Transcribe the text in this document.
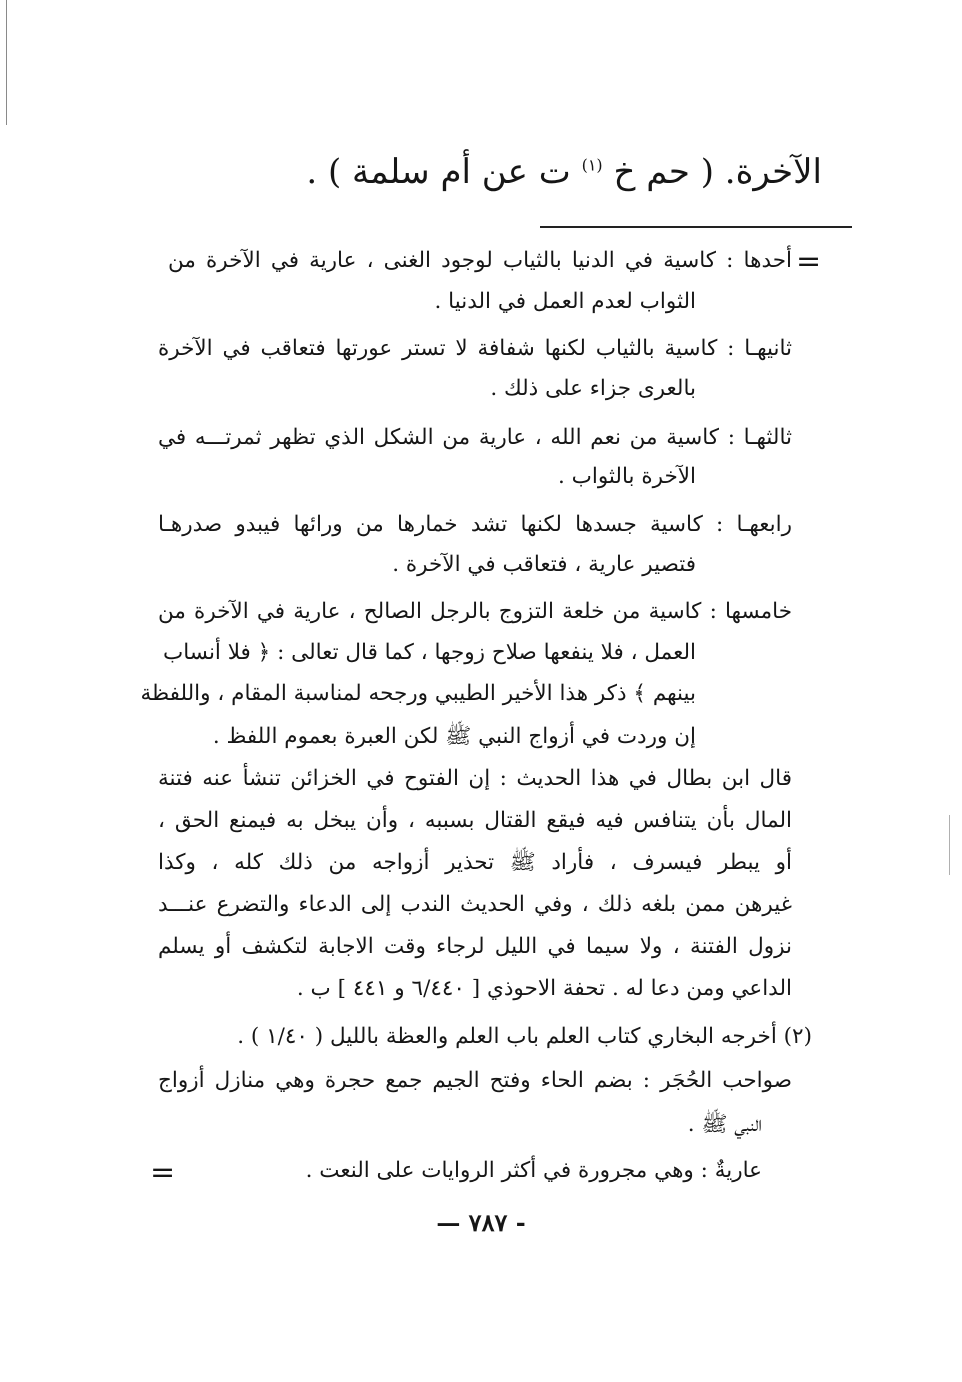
الآخرة. ( حم خ $^{(١)}$ ت عن أم سلمة ) .
=
أحدها : كاسية في الدنيا بالثياب لوجود الغنى ، عارية في الآخرة من
الثواب لعدم العمل في الدنيا .
ثانيهـا : كاسية بالثياب لكنها شفافة لا تستر عورتها فتعاقب في الآخرة
بالعرى جزاء على ذلك .
ثالثهـا : كاسية من نعم الله ، عارية من الشكل الذي تظهر ثمرتـــه في
الآخرة بالثواب .
رابعهـا : كاسية جسدها لكنها تشد خمارها من ورائها فيبدو صدرهـا
فتصير عارية ، فتعاقب في الآخرة .
خامسها : كاسية من خلعة التزوج بالرجل الصالح ، عارية في الآخرة من
العمل ، فلا ينفعها صلاح زوجها ، كما قال تعالى : ﴿ فلا أنساب
بينهم ﴾ ذكر هذا الأخير الطيبي ورجحه لمناسبة المقام ، واللفظة
إن وردت في أزواج النبي ﷺ لكن العبرة بعموم اللفظ .
قال ابن بطال في هذا الحديث : إن الفتوح في الخزائن تنشأ عنه فتنة
المال بأن يتنافس فيه فيقع القتال بسببه ، وأن يبخل به فيمنع الحق ،
أو يبطر فيسرف ، فأراد ﷺ تحذير أزواجه من ذلك كله ، وكذا
غيرهن ممن بلغه ذلك ، وفي الحديث الندب إلى الدعاء والتضرع عنـــد
نزول الفتنة ، ولا سيما في الليل لرجاء وقت الاجابة لتكشف أو يسلم
الداعي ومن دعا له . تحفة الاحوذي [ ٦/٤٤٠ و ٤٤١ ] ب .
(٢) أخرجه البخاري كتاب العلم باب العلم والعظة بالليل ( ١/٤٠ ) .
صواحب الحُجَر : بضم الحاء وفتح الجيم جمع حجرة وهي منازل أزواج
النبي ﷺ .
عاريةٌ : وهي مجرورة في أكثر الروايات على النعت .
=
— ٧٨٧ -
